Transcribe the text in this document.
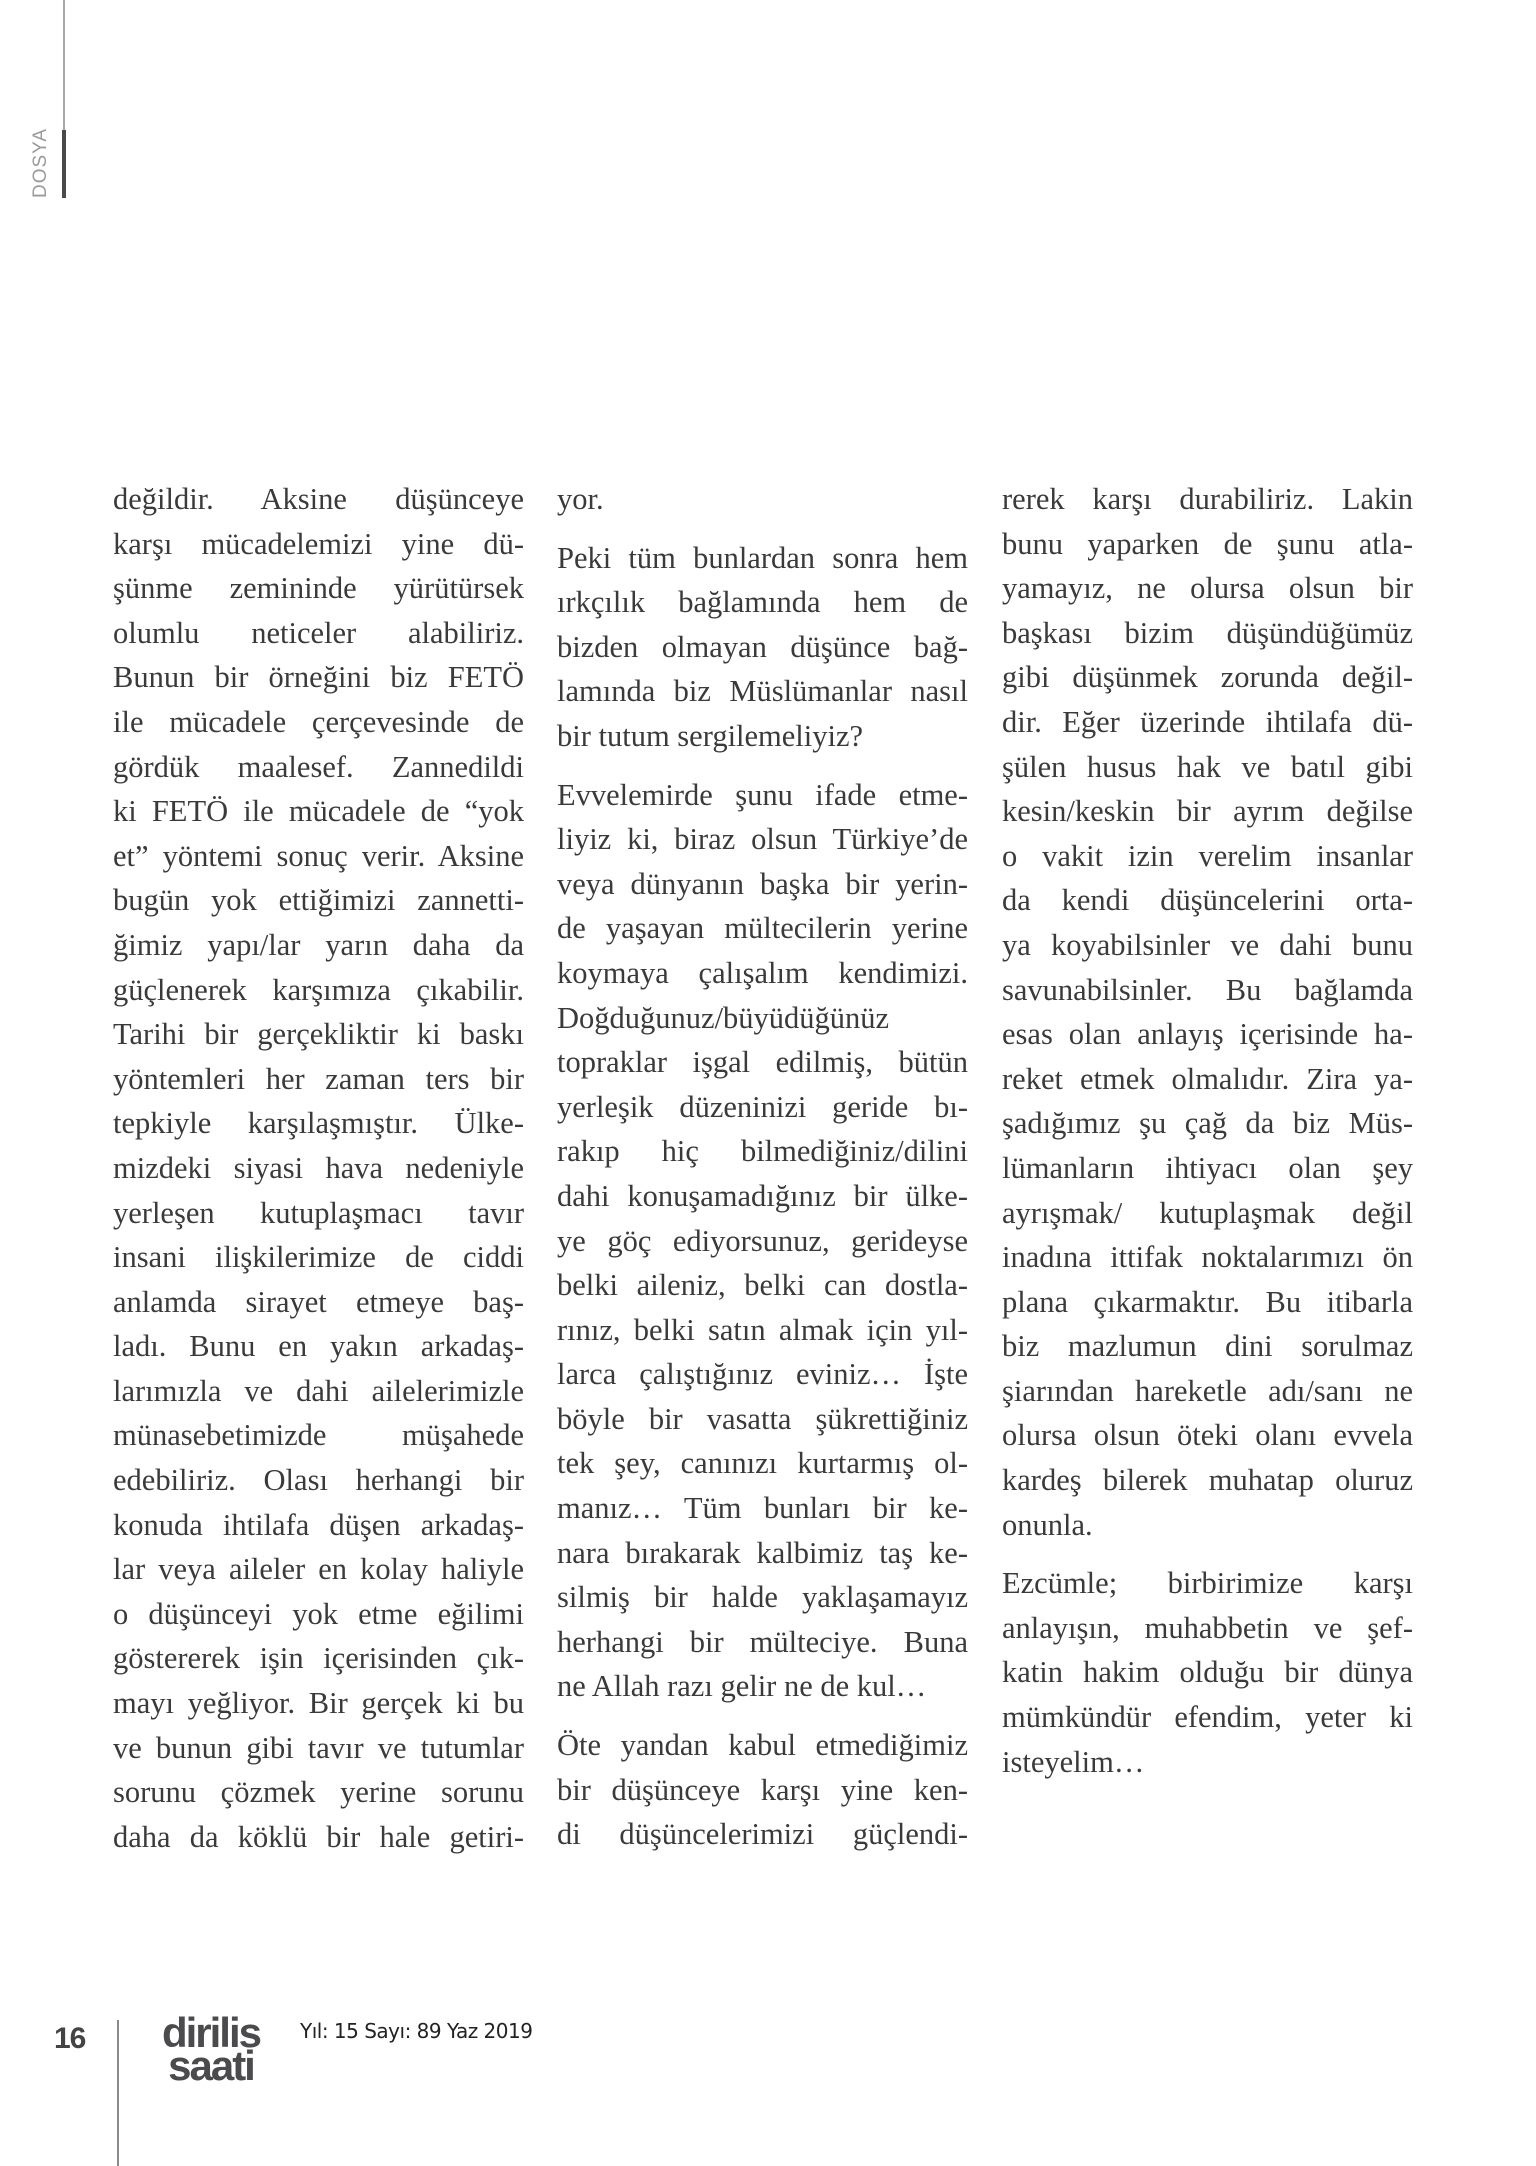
DOSYA
değildir. Aksine düşünceye
karşı mücadelemizi yine dü-
şünme zemininde yürütürsek
olumlu neticeler alabiliriz.
Bunun bir örneğini biz FETÖ
ile mücadele çerçevesinde de
gördük maalesef. Zannedildi
ki FETÖ ile mücadele de “yok
et” yöntemi sonuç verir. Aksine
bugün yok ettiğimizi zannetti-
ğimiz yapı/lar yarın daha da
güçlenerek karşımıza çıkabilir.
Tarihi bir gerçekliktir ki baskı
yöntemleri her zaman ters bir
tepkiyle karşılaşmıştır. Ülke-
mizdeki siyasi hava nedeniyle
yerleşen kutuplaşmacı tavır
insani ilişkilerimize de ciddi
anlamda sirayet etmeye baş-
ladı. Bunu en yakın arkadaş-
larımızla ve dahi ailelerimizle
münasebetimizde müşahede
edebiliriz. Olası herhangi bir
konuda ihtilafa düşen arkadaş-
lar veya aileler en kolay haliyle
o düşünceyi yok etme eğilimi
göstererek işin içerisinden çık-
mayı yeğliyor. Bir gerçek ki bu
ve bunun gibi tavır ve tutumlar
sorunu çözmek yerine sorunu
daha da köklü bir hale getiri-
yor.
Peki tüm bunlardan sonra hem
ırkçılık bağlamında hem de
bizden olmayan düşünce bağ-
lamında biz Müslümanlar nasıl
bir tutum sergilemeliyiz?
Evvelemirde şunu ifade etme-
liyiz ki, biraz olsun Türkiye’de
veya dünyanın başka bir yerin-
de yaşayan mültecilerin yerine
koymaya çalışalım kendimizi.
Doğduğunuz/büyüdüğünüz
topraklar işgal edilmiş, bütün
yerleşik düzeninizi geride bı-
rakıp hiç bilmediğiniz/dilini
dahi konuşamadığınız bir ülke-
ye göç ediyorsunuz, gerideyse
belki aileniz, belki can dostla-
rınız, belki satın almak için yıl-
larca çalıştığınız eviniz… İşte
böyle bir vasatta şükrettiğiniz
tek şey, canınızı kurtarmış ol-
manız… Tüm bunları bir ke-
nara bırakarak kalbimiz taş ke-
silmiş bir halde yaklaşamayız
herhangi bir mülteciye. Buna
ne Allah razı gelir ne de kul…
Öte yandan kabul etmediğimiz
bir düşünceye karşı yine ken-
di düşüncelerimizi güçlendi-
rerek karşı durabiliriz. Lakin
bunu yaparken de şunu atla-
yamayız, ne olursa olsun bir
başkası bizim düşündüğümüz
gibi düşünmek zorunda değil-
dir. Eğer üzerinde ihtilafa dü-
şülen husus hak ve batıl gibi
kesin/keskin bir ayrım değilse
o vakit izin verelim insanlar
da kendi düşüncelerini orta-
ya koyabilsinler ve dahi bunu
savunabilsinler. Bu bağlamda
esas olan anlayış içerisinde ha-
reket etmek olmalıdır. Zira ya-
şadığımız şu çağ da biz Müs-
lümanların ihtiyacı olan şey
ayrışmak/ kutuplaşmak değil
inadına ittifak noktalarımızı ön
plana çıkarmaktır. Bu itibarla
biz mazlumun dini sorulmaz
şiarından hareketle adı/sanı ne
olursa olsun öteki olanı evvela
kardeş bilerek muhatap oluruz
onunla.
Ezcümle; birbirimize karşı
anlayışın, muhabbetin ve şef-
katin hakim olduğu bir dünya
mümkündür efendim, yeter ki
isteyelim…
16 dirilis
saati
Yıl: 15 Sayı: 89 Yaz 2019
